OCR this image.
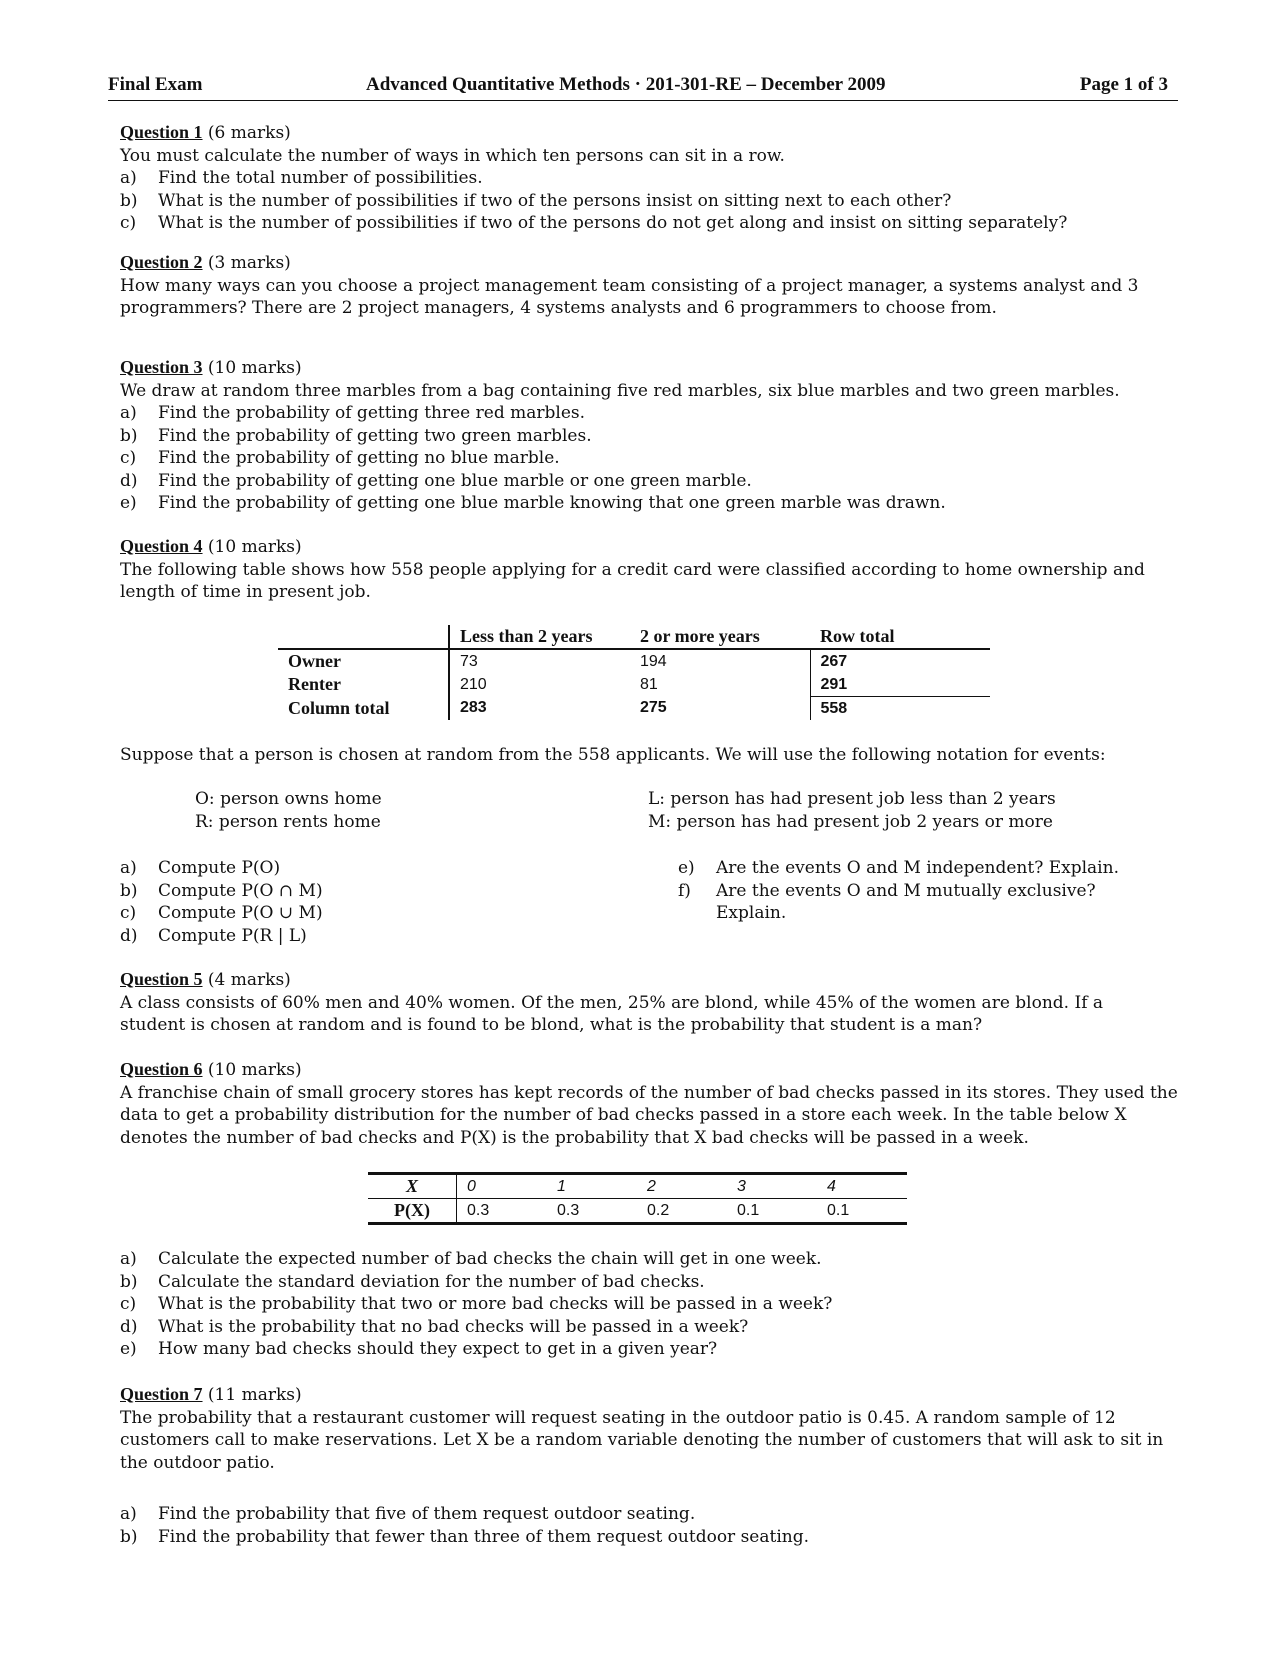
Final Exam	Advanced Quantitative Methods · 201-301-RE – December 2009	Page 1 of 3
Question 1 (6 marks)
You must calculate the number of ways in which ten persons can sit in a row.
a)	Find the total number of possibilities.
b)	What is the number of possibilities if two of the persons insist on sitting next to each other?
c)	What is the number of possibilities if two of the persons do not get along and insist on sitting separately?
Question 2 (3 marks)
How many ways can you choose a project management team consisting of a project manager, a systems analyst and 3 programmers? There are 2 project managers, 4 systems analysts and 6 programmers to choose from.
Question 3 (10 marks)
We draw at random three marbles from a bag containing five red marbles, six blue marbles and two green marbles.
a)	Find the probability of getting three red marbles.
b)	Find the probability of getting two green marbles.
c)	Find the probability of getting no blue marble.
d)	Find the probability of getting one blue marble or one green marble.
e)	Find the probability of getting one blue marble knowing that one green marble was drawn.
Question 4 (10 marks)
The following table shows how 558 people applying for a credit card were classified according to home ownership and length of time in present job.
	Less than 2 years	2 or more years	Row total
Owner	73	194	267
Renter	210	81	291
Column total	283	275	558
Suppose that a person is chosen at random from the 558 applicants. We will use the following notation for events:
O: person owns home
R: person rents home
L: person has had present job less than 2 years
M: person has had present job 2 years or more
a)	Compute P(O)
b)	Compute P(O ∩ M)
c)	Compute P(O ∪ M)
d)	Compute P(R | L)
e)	Are the events O and M independent? Explain.
f)	Are the events O and M mutually exclusive? Explain.
Question 5 (4 marks)
A class consists of 60% men and 40% women. Of the men, 25% are blond, while 45% of the women are blond. If a student is chosen at random and is found to be blond, what is the probability that student is a man?
Question 6 (10 marks)
A franchise chain of small grocery stores has kept records of the number of bad checks passed in its stores. They used the data to get a probability distribution for the number of bad checks passed in a store each week. In the table below X denotes the number of bad checks and P(X) is the probability that X bad checks will be passed in a week.
X	0	1	2	3	4
P(X)	0.3	0.3	0.2	0.1	0.1
a)	Calculate the expected number of bad checks the chain will get in one week.
b)	Calculate the standard deviation for the number of bad checks.
c)	What is the probability that two or more bad checks will be passed in a week?
d)	What is the probability that no bad checks will be passed in a week?
e)	How many bad checks should they expect to get in a given year?
Question 7 (11 marks)
The probability that a restaurant customer will request seating in the outdoor patio is 0.45. A random sample of 12 customers call to make reservations. Let X be a random variable denoting the number of customers that will ask to sit in the outdoor patio.
a)	Find the probability that five of them request outdoor seating.
b)	Find the probability that fewer than three of them request outdoor seating.
